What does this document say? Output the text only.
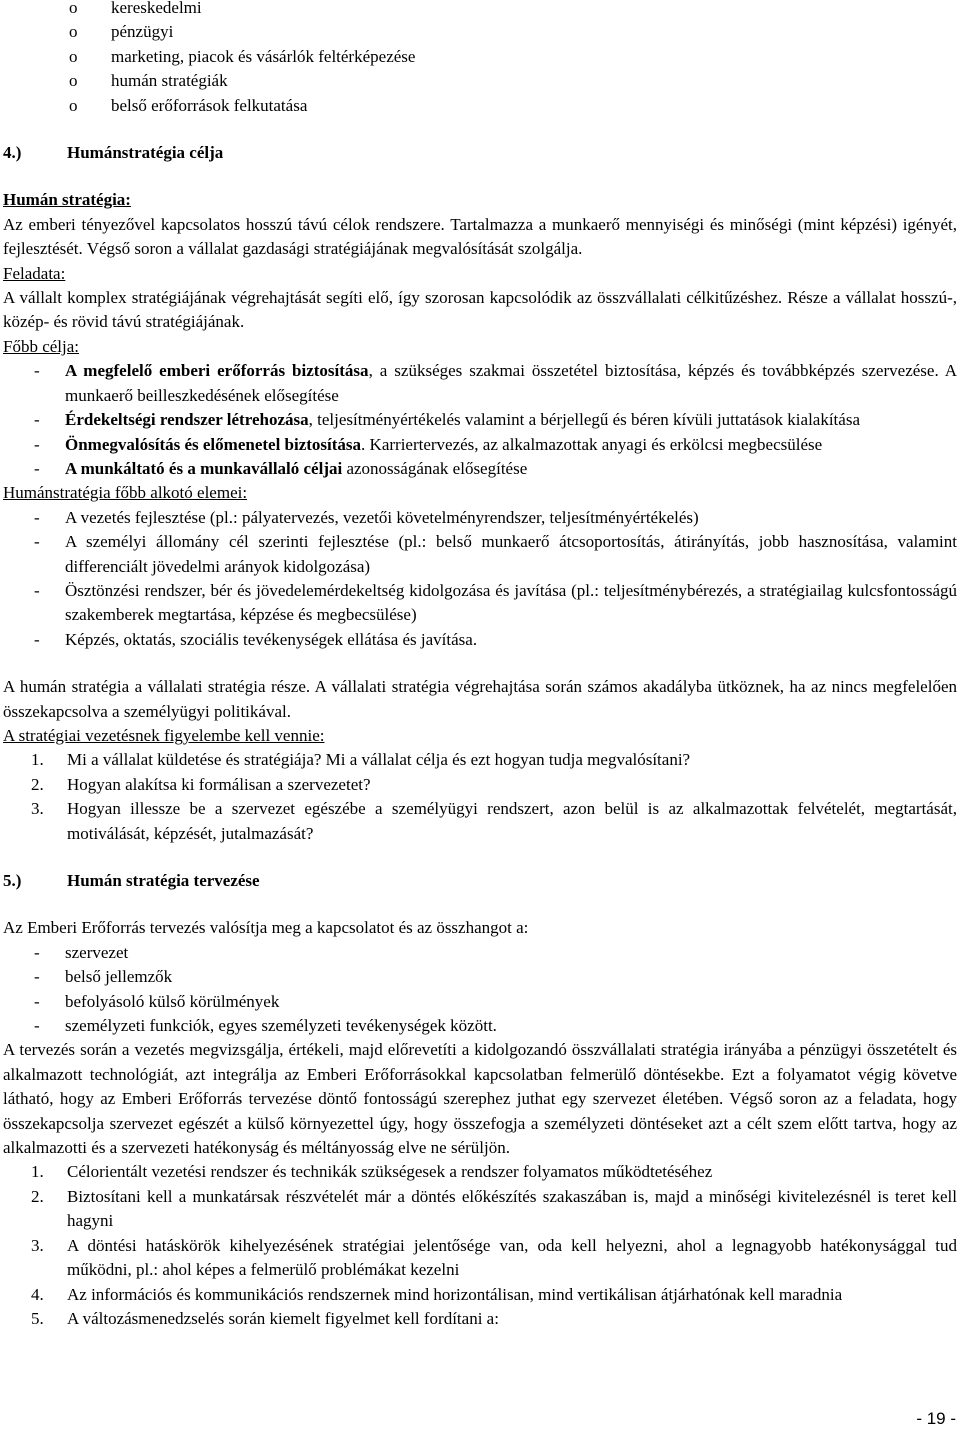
o	kereskedelmi
o	pénzügyi
o	marketing, piacok és vásárlók feltérképezése
o	humán stratégiák
o	belső erőforrások felkutatása
4.)	Humánstratégia célja
Humán stratégia:

Az emberi tényezővel kapcsolatos hosszú távú célok rendszere. Tartalmazza a munkaerő mennyiségi és minőségi (mint képzési) igényét, fejlesztését. Végső soron a vállalat gazdasági stratégiájának megvalósítását szolgálja.

Feladata:

A vállalt komplex stratégiájának végrehajtását segíti elő, így szorosan kapcsolódik az összvállalati célkitűzéshez. Része a vállalat hosszú-, közép- és rövid távú stratégiájának.

Főbb célja:
-	A megfelelő emberi erőforrás biztosítása, a szükséges szakmai összetétel biztosítása, képzés és továbbképzés szervezése. A munkaerő beilleszkedésének elősegítése
-	Érdekeltségi rendszer létrehozása, teljesítményértékelés valamint a bérjellegű és béren kívüli juttatások kialakítása
-	Önmegvalósítás és előmenetel biztosítása. Karriertervezés, az alkalmazottak anyagi és erkölcsi megbecsülése
-	A munkáltató és a munkavállaló céljai azonosságának elősegítése
Humánstratégia főbb alkotó elemei:
-	A vezetés fejlesztése (pl.: pályatervezés, vezetői követelményrendszer, teljesítményértékelés)
-	A személyi állomány cél szerinti fejlesztése (pl.: belső munkaerő átcsoportosítás, átirányítás, jobb hasznosítása, valamint differenciált jövedelmi arányok kidolgozása)
-	Ösztönzési rendszer, bér és jövedelemérdekeltség kidolgozása és javítása (pl.: teljesítménybérezés, a stratégiailag kulcsfontosságú szakemberek megtartása, képzése és megbecsülése)
-	Képzés, oktatás, szociális tevékenységek ellátása és javítása.

A humán stratégia a vállalati stratégia része. A vállalati stratégia végrehajtása során számos akadályba ütköznek, ha az nincs megfelelően összekapcsolva a személyügyi politikával.

A stratégiai vezetésnek figyelembe kell vennie:
1.	Mi a vállalat küldetése és stratégiája? Mi a vállalat célja és ezt hogyan tudja megvalósítani?
2.	Hogyan alakítsa ki formálisan a szervezetet?
3.	Hogyan illessze be a szervezet egészébe a személyügyi rendszert, azon belül is az alkalmazottak felvételét, megtartását, motiválását, képzését, jutalmazását?
5.)	Humán stratégia tervezése

Az Emberi Erőforrás tervezés valósítja meg a kapcsolatot és az összhangot a:

-	szervezet
-	belső jellemzők
-	befolyásoló külső körülmények
-	személyzeti funkciók, egyes személyzeti tevékenységek között.

A tervezés során a vezetés megvizsgálja, értékeli, majd előrevetíti a kidolgozandó összvállalati stratégia irányába a pénzügyi összetételt és alkalmazott technológiát, azt integrálja az Emberi Erőforrásokkal kapcsolatban felmerülő döntésekbe. Ezt a folyamatot végig követve látható, hogy az Emberi Erőforrás tervezése döntő fontosságú szerephez juthat egy szervezet életében. Végső soron az a feladata, hogy összekapcsolja szervezet egészét a külső környezettel úgy, hogy összefogja a személyzeti döntéseket azt a célt szem előtt tartva, hogy az alkalmazotti és a szervezeti hatékonyság és méltányosság elve ne sérüljön.

1.	Célorientált vezetési rendszer és technikák szükségesek a rendszer folyamatos működtetéséhez
2.	Biztosítani kell a munkatársak részvételét már a döntés előkészítés szakaszában is, majd a minőségi kivitelezésnél is teret kell hagyni
3.	A döntési hatáskörök kihelyezésének stratégiai jelentősége van, oda kell helyezni, ahol a legnagyobb hatékonysággal tud működni, pl.: ahol képes a felmerülő problémákat kezelni
4.	Az információs és kommunikációs rendszernek mind horizontálisan, mind vertikálisan átjárhatónak kell maradnia
5.	A változásmenedzselés során kiemelt figyelmet kell fordítani a:
- 19 -
